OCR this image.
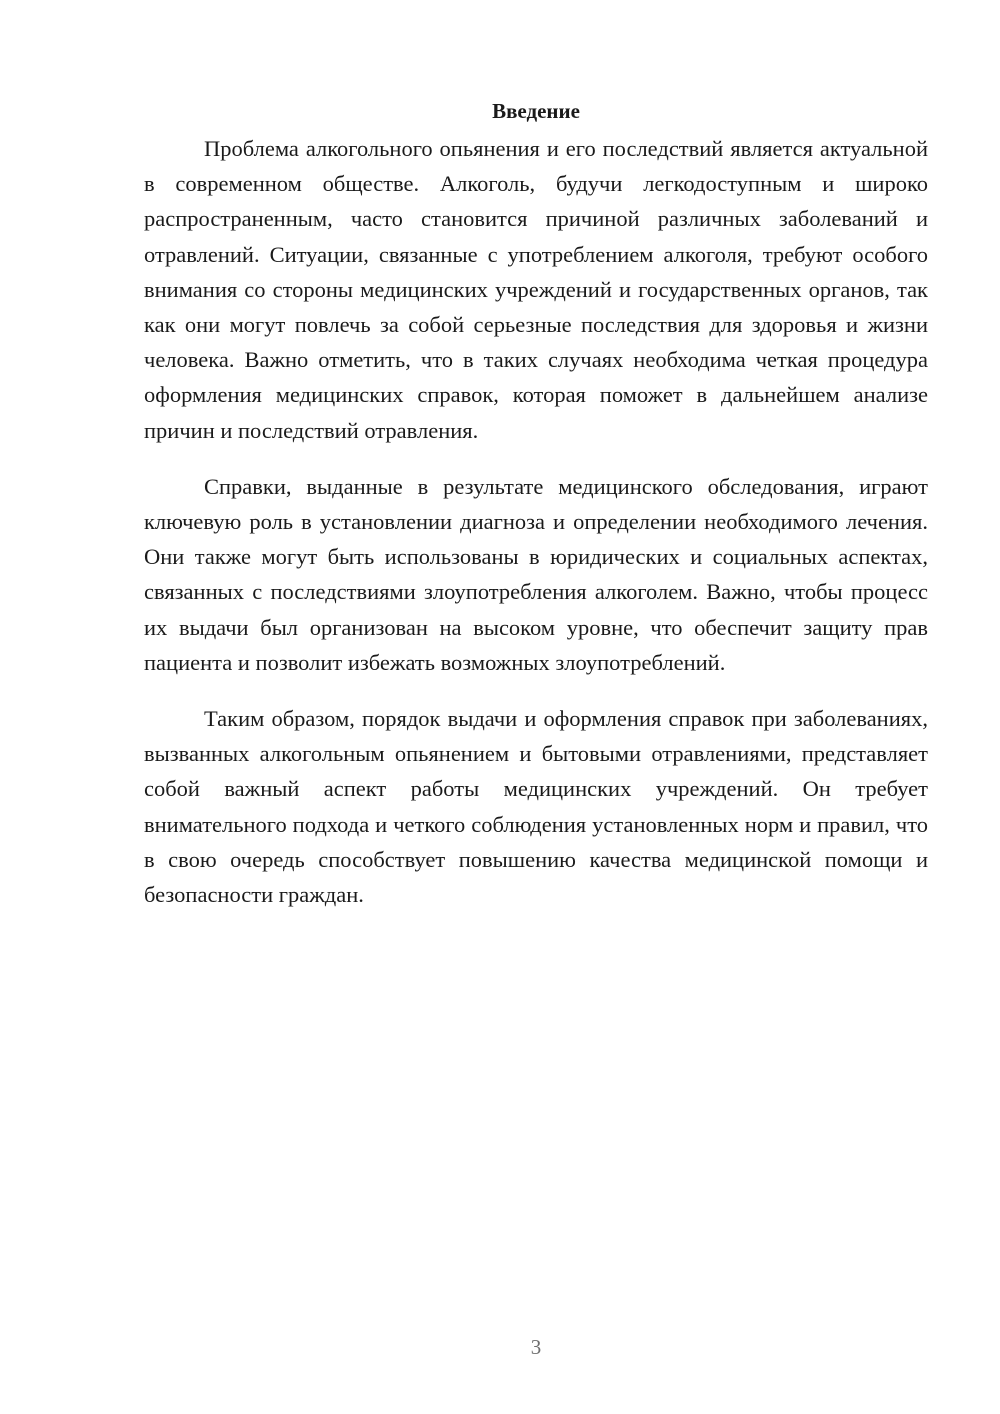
Введение

Проблема алкогольного опьянения и его последствий является актуальной в современном обществе. Алкоголь, будучи легкодоступным и широко распространенным, часто становится причиной различных заболеваний и отравлений. Ситуации, связанные с употреблением алкоголя, требуют особого внимания со стороны медицинских учреждений и государственных органов, так как они могут повлечь за собой серьезные последствия для здоровья и жизни человека. Важно отметить, что в таких случаях необходима четкая процедура оформления медицинских справок, которая поможет в дальнейшем анализе причин и последствий отравления.

Справки, выданные в результате медицинского обследования, играют ключевую роль в установлении диагноза и определении необходимого лечения. Они также могут быть использованы в юридических и социальных аспектах, связанных с последствиями злоупотребления алкоголем. Важно, чтобы процесс их выдачи был организован на высоком уровне, что обеспечит защиту прав пациента и позволит избежать возможных злоупотреблений.

Таким образом, порядок выдачи и оформления справок при заболеваниях, вызванных алкогольным опьянением и бытовыми отравлениями, представляет собой важный аспект работы медицинских учреждений. Он требует внимательного подхода и четкого соблюдения установленных норм и правил, что в свою очередь способствует повышению качества медицинской помощи и безопасности граждан.

3
